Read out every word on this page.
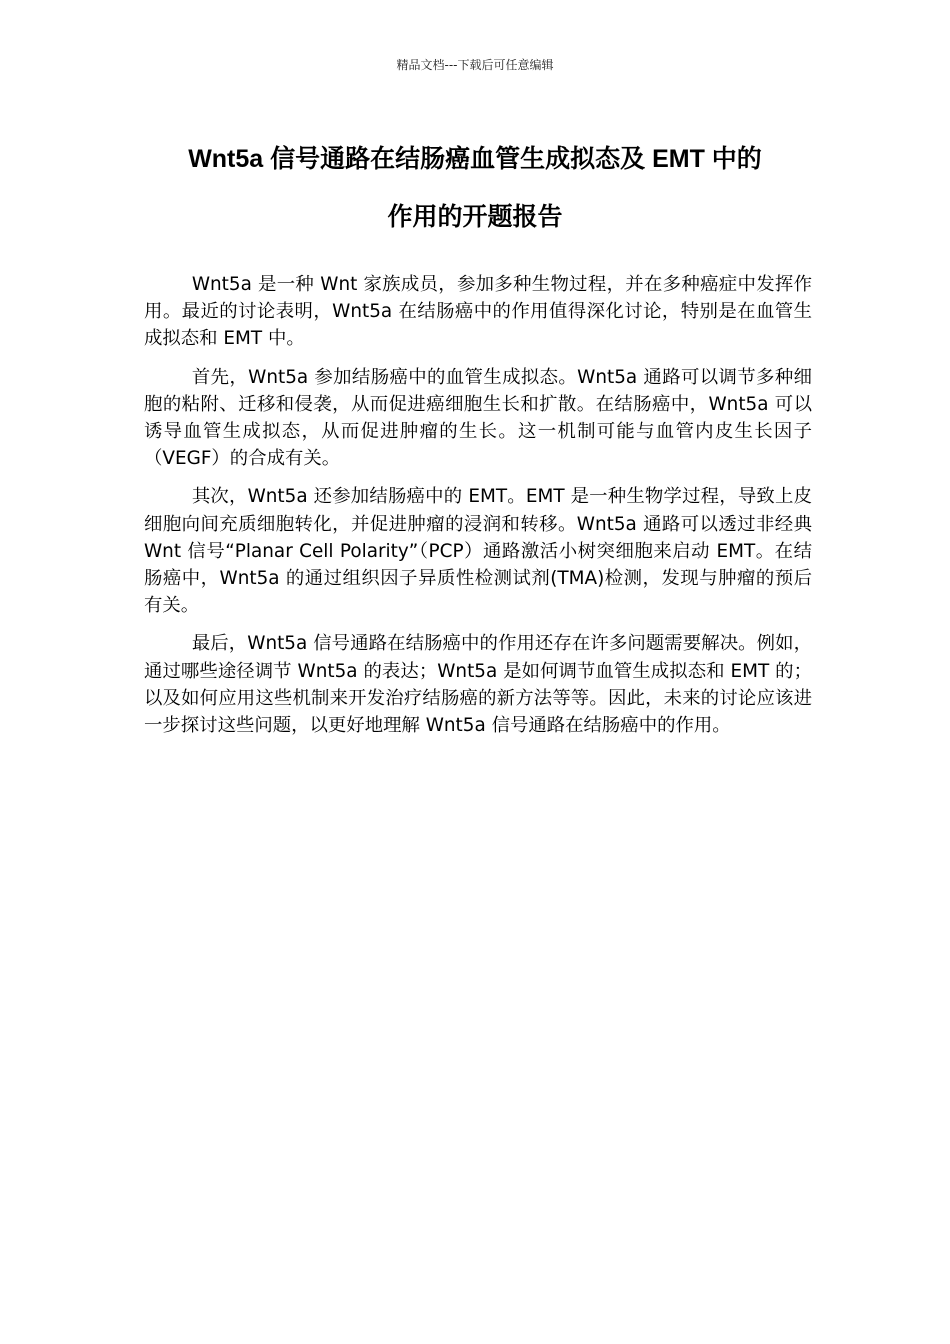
精品文档---下载后可任意编辑
Wnt5a 信号通路在结肠癌血管生成拟态及 EMT 中的
作用的开题报告

Wnt5a 是一种 Wnt 家族成员，参加多种生物过程，并在多种癌症中发挥作用。最近的讨论表明，Wnt5a 在结肠癌中的作用值得深化讨论，特别是在血管生成拟态和 EMT 中。

首先，Wnt5a 参加结肠癌中的血管生成拟态。Wnt5a 通路可以调节多种细胞的粘附、迁移和侵袭，从而促进癌细胞生长和扩散。在结肠癌中，Wnt5a 可以诱导血管生成拟态，从而促进肿瘤的生长。这一机制可能与血管内皮生长因子（VEGF）的合成有关。

其次，Wnt5a 还参加结肠癌中的 EMT。EMT 是一种生物学过程，导致上皮细胞向间充质细胞转化，并促进肿瘤的浸润和转移。Wnt5a 通路可以透过非经典 Wnt 信号“Planar Cell Polarity”（PCP）通路激活小树突细胞来启动 EMT。在结肠癌中，Wnt5a 的通过组织因子异质性检测试剂(TMA)检测，发现与肿瘤的预后有关。

最后，Wnt5a 信号通路在结肠癌中的作用还存在许多问题需要解决。例如，通过哪些途径调节 Wnt5a 的表达；Wnt5a 是如何调节血管生成拟态和 EMT 的；以及如何应用这些机制来开发治疗结肠癌的新方法等等。因此，未来的讨论应该进一步探讨这些问题，以更好地理解 Wnt5a 信号通路在结肠癌中的作用。
